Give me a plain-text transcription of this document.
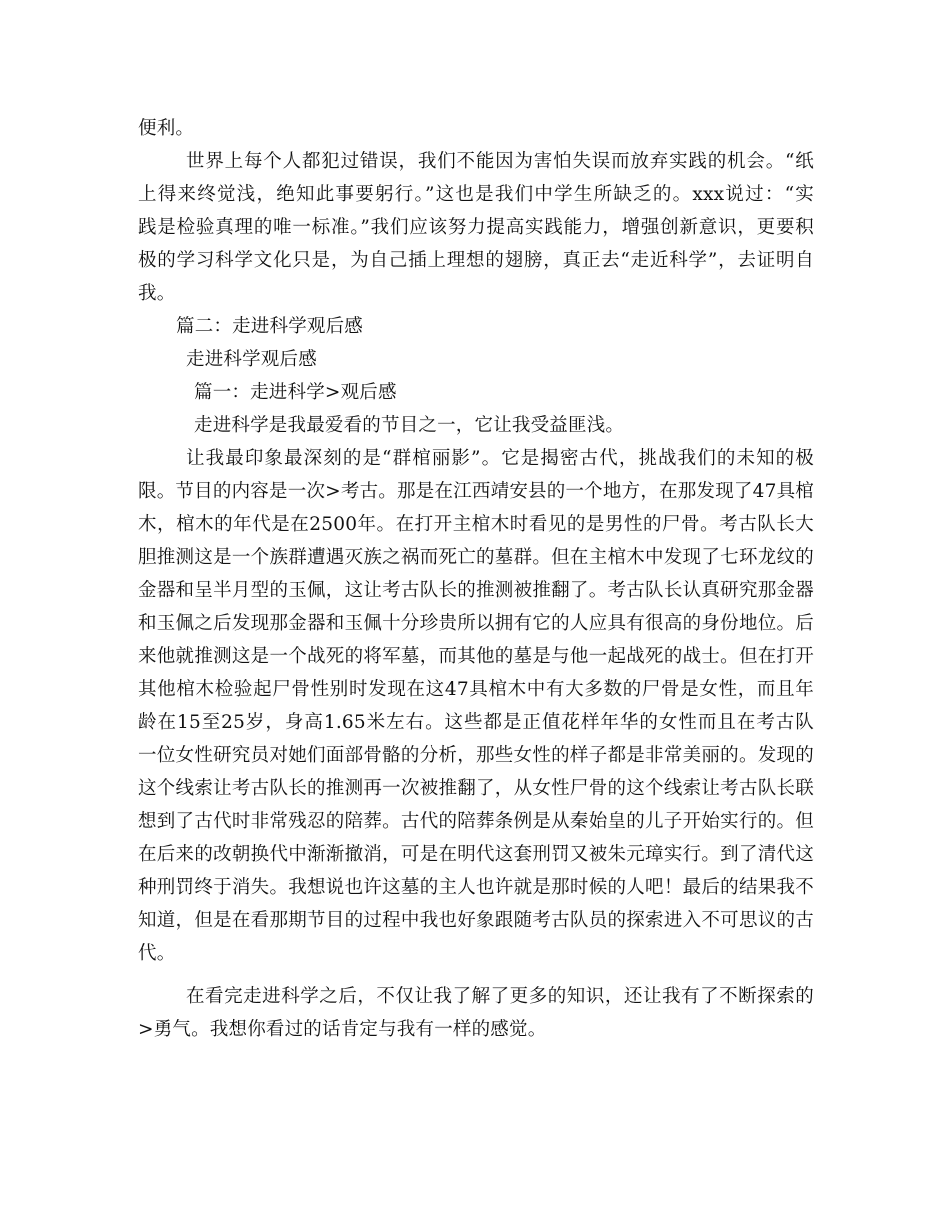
便利。
世界上每个人都犯过错误，我们不能因为害怕失误而放弃实践的机会。“纸
上得来终觉浅，绝知此事要躬行。”这也是我们中学生所缺乏的。xxx说过：“实
践是检验真理的唯一标准。”我们应该努力提高实践能力，增强创新意识，更要积
极的学习科学文化只是，为自己插上理想的翅膀，真正去“走近科学”，去证明自
我。
篇二：走进科学观后感
走进科学观后感
篇一：走进科学>观后感
走进科学是我最爱看的节目之一，它让我受益匪浅。
让我最印象最深刻的是“群棺丽影”。它是揭密古代，挑战我们的未知的极
限。节目的内容是一次>考古。那是在江西靖安县的一个地方，在那发现了47具棺
木，棺木的年代是在2500年。在打开主棺木时看见的是男性的尸骨。考古队长大
胆推测这是一个族群遭遇灭族之祸而死亡的墓群。但在主棺木中发现了七环龙纹的
金器和呈半月型的玉佩，这让考古队长的推测被推翻了。考古队长认真研究那金器
和玉佩之后发现那金器和玉佩十分珍贵所以拥有它的人应具有很高的身份地位。后
来他就推测这是一个战死的将军墓，而其他的墓是与他一起战死的战士。但在打开
其他棺木检验起尸骨性别时发现在这47具棺木中有大多数的尸骨是女性，而且年
龄在15至25岁，身高1.65米左右。这些都是正值花样年华的女性而且在考古队
一位女性研究员对她们面部骨骼的分析，那些女性的样子都是非常美丽的。发现的
这个线索让考古队长的推测再一次被推翻了，从女性尸骨的这个线索让考古队长联
想到了古代时非常残忍的陪葬。古代的陪葬条例是从秦始皇的儿子开始实行的。但
在后来的改朝换代中渐渐撤消，可是在明代这套刑罚又被朱元璋实行。到了清代这
种刑罚终于消失。我想说也许这墓的主人也许就是那时候的人吧！最后的结果我不
知道，但是在看那期节目的过程中我也好象跟随考古队员的探索进入不可思议的古
代。
在看完走进科学之后，不仅让我了解了更多的知识，还让我有了不断探索的
>勇气。我想你看过的话肯定与我有一样的感觉。
